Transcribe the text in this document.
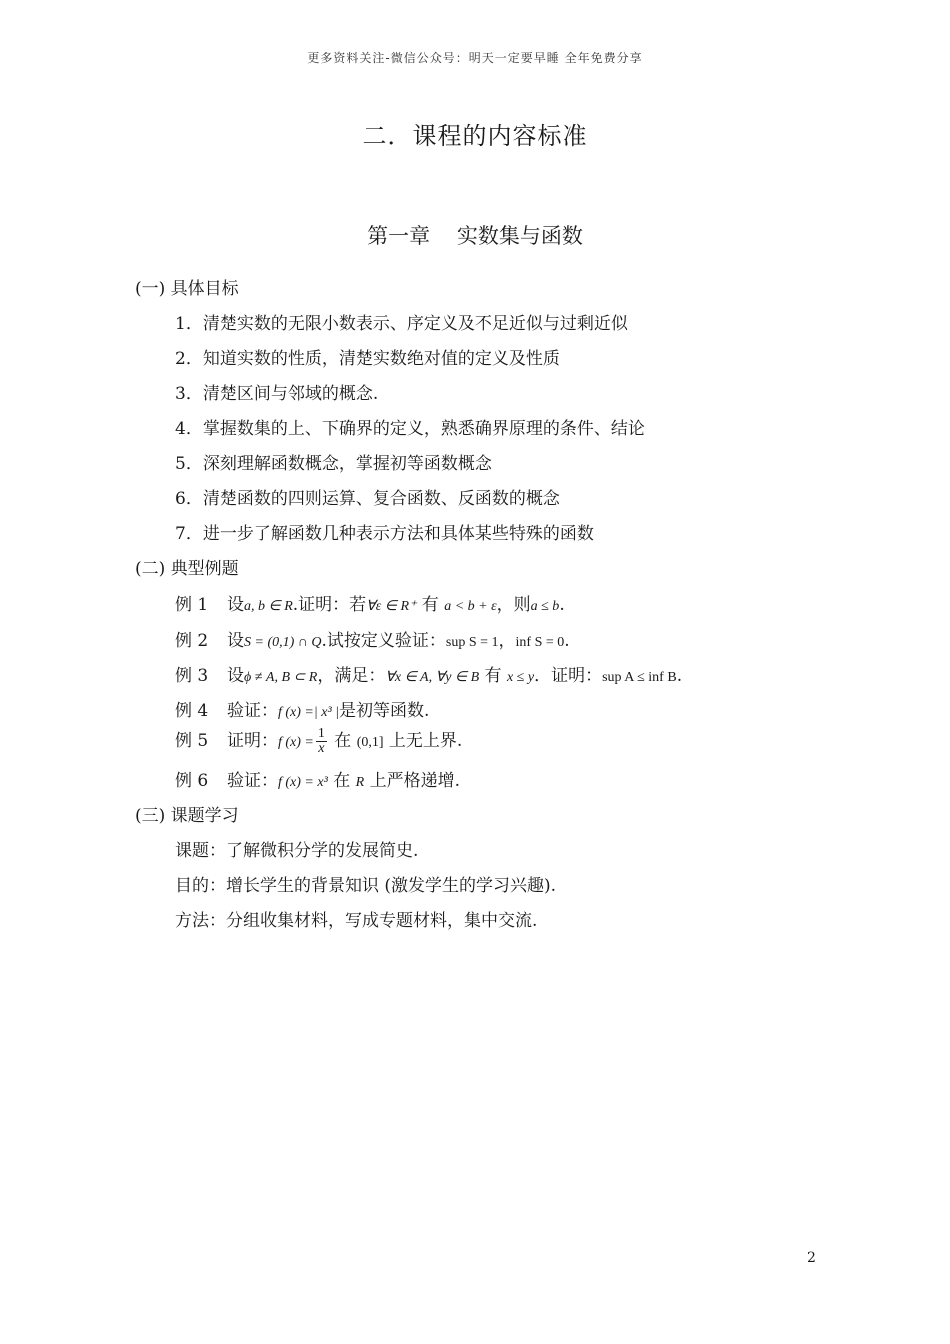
更多资料关注-微信公众号：明天一定要早睡 全年免费分享
二．课程的内容标准
第一章    实数集与函数
(一) 具体目标
1．清楚实数的无限小数表示、序定义及不足近似与过剩近似
2．知道实数的性质，清楚实数绝对值的定义及性质
3．清楚区间与邻域的概念.
4．掌握数集的上、下确界的定义，熟悉确界原理的条件、结论
5．深刻理解函数概念，掌握初等函数概念
6．清楚函数的四则运算、复合函数、反函数的概念
7．进一步了解函数几种表示方法和具体某些特殊的函数
(二) 典型例题
例 1 设a, b ∈ R.证明：若∀ε ∈ R⁺ 有 a < b + ε，则a ≤ b.
例 2 设S = (0,1) ∩ Q.试按定义验证：sup S = 1，inf S = 0.
例 3 设ϕ ≠ A, B ⊂ R，满足：∀x ∈ A, ∀y ∈ B 有 x ≤ y．证明：sup A ≤ inf B.
例 4 验证：f (x) =| x³ |是初等函数.
例 5 证明：f $(x) = \frac{1}{x}$ 在 (0,1] 上无上界.
例 6 验证：f (x) = x³ 在 R 上严格递增.
(三) 课题学习
课题：了解微积分学的发展简史.
目的：增长学生的背景知识 (激发学生的学习兴趣).
方法：分组收集材料，写成专题材料，集中交流.
2
